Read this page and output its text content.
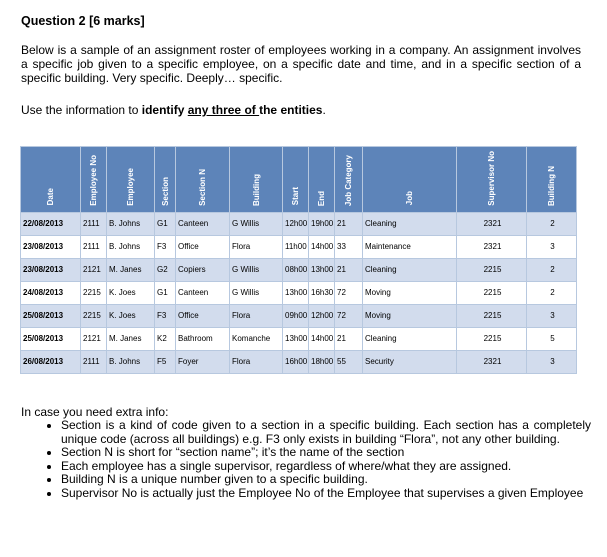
Question 2 [6 marks]
Below is a sample of an assignment roster of employees working in a company. An assignment involves a specific job given to a specific employee, on a specific date and time, and in a specific section of a specific building. Very specific. Deeply… specific.
Use the information to identify any three of the entities.
Date	Employee No	Employee	Section	Section N	Building	Start	End	Job Category	Job	Supervisor No	Building N
22/08/2013	2111	B. Johns	G1	Canteen	G Willis	12h00	19h00	21	Cleaning	2321	2
23/08/2013	2111	B. Johns	F3	Office	Flora	11h00	14h00	33	Maintenance	2321	3
23/08/2013	2121	M. Janes	G2	Copiers	G Willis	08h00	13h00	21	Cleaning	2215	2
24/08/2013	2215	K. Joes	G1	Canteen	G Willis	13h00	16h30	72	Moving	2215	2
25/08/2013	2215	K. Joes	F3	Office	Flora	09h00	12h00	72	Moving	2215	3
25/08/2013	2121	M. Janes	K2	Bathroom	Komanche	13h00	14h00	21	Cleaning	2215	5
26/08/2013	2111	B. Johns	F5	Foyer	Flora	16h00	18h00	55	Security	2321	3
In case you need extra info:
• Section is a kind of code given to a section in a specific building. Each section has a completely unique code (across all buildings) e.g. F3 only exists in building “Flora”, not any other building.
• Section N is short for “section name”; it’s the name of the section
• Each employee has a single supervisor, regardless of where/what they are assigned.
• Building N is a unique number given to a specific building.
• Supervisor No is actually just the Employee No of the Employee that supervises a given Employee
